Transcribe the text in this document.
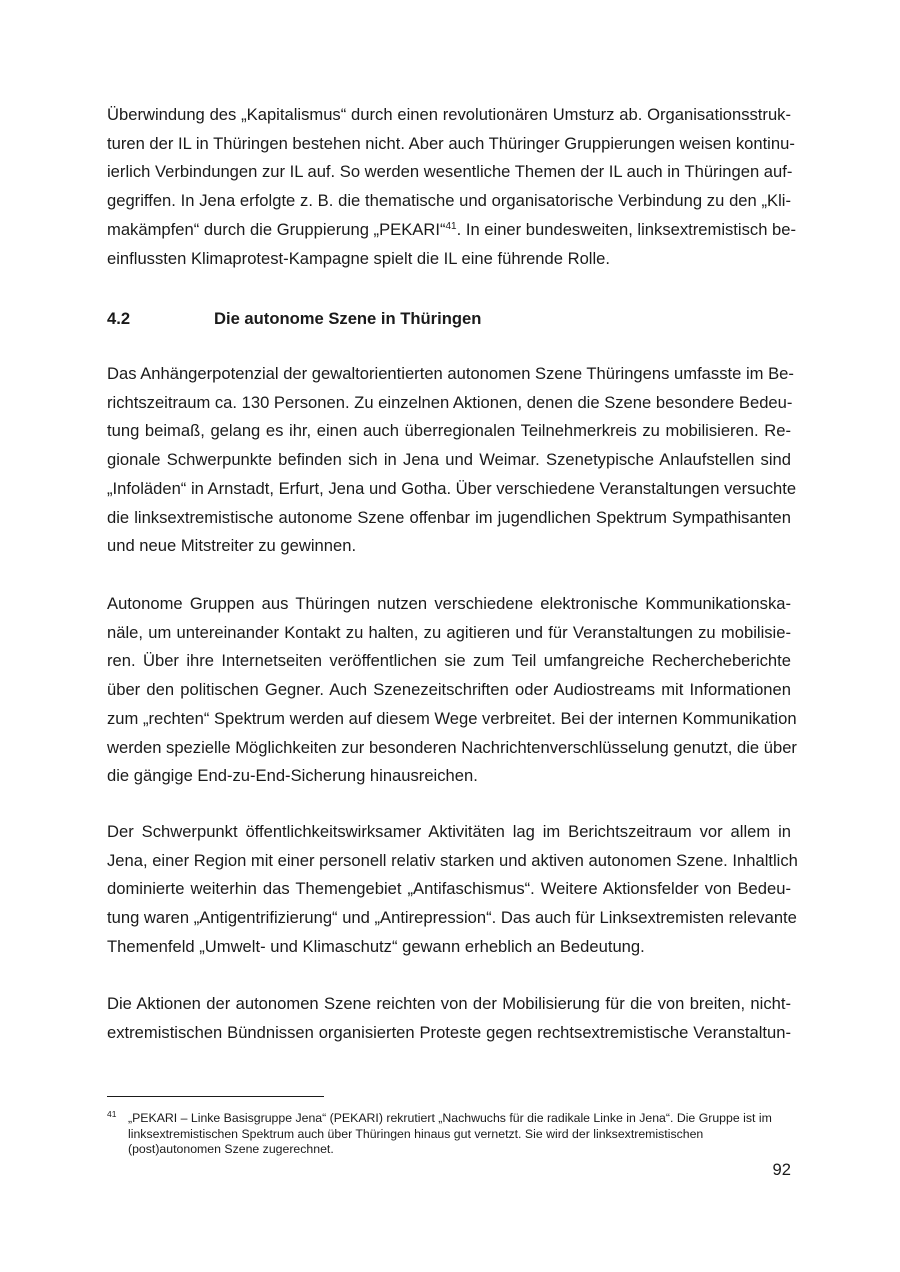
Überwindung des „Kapitalismus“ durch einen revolutionären Umsturz ab. Organisationsstruk-
turen der IL in Thüringen bestehen nicht. Aber auch Thüringer Gruppierungen weisen kontinu-
ierlich Verbindungen zur IL auf. So werden wesentliche Themen der IL auch in Thüringen auf-
gegriffen. In Jena erfolgte z. B. die thematische und organisatorische Verbindung zu den „Kli-
makämpfen“ durch die Gruppierung „PEKARI“$^{41}$. In einer bundesweiten, linksextremistisch be-
einflussten Klimaprotest-Kampagne spielt die IL eine führende Rolle.
4.2	Die autonome Szene in Thüringen
Das Anhängerpotenzial der gewaltorientierten autonomen Szene Thüringens umfasste im Be-
richtszeitraum ca. 130 Personen. Zu einzelnen Aktionen, denen die Szene besondere Bedeu-
tung beimaß, gelang es ihr, einen auch überregionalen Teilnehmerkreis zu mobilisieren. Re-
gionale Schwerpunkte befinden sich in Jena und Weimar. Szenetypische Anlaufstellen sind
„Infoläden“ in Arnstadt, Erfurt, Jena und Gotha. Über verschiedene Veranstaltungen versuchte
die linksextremistische autonome Szene offenbar im jugendlichen Spektrum Sympathisanten
und neue Mitstreiter zu gewinnen.
Autonome Gruppen aus Thüringen nutzen verschiedene elektronische Kommunikationska-
näle, um untereinander Kontakt zu halten, zu agitieren und für Veranstaltungen zu mobilisie-
ren. Über ihre Internetseiten veröffentlichen sie zum Teil umfangreiche Rechercheberichte
über den politischen Gegner. Auch Szenezeitschriften oder Audiostreams mit Informationen
zum „rechten“ Spektrum werden auf diesem Wege verbreitet. Bei der internen Kommunikation
werden spezielle Möglichkeiten zur besonderen Nachrichtenverschlüsselung genutzt, die über
die gängige End-zu-End-Sicherung hinausreichen.
Der Schwerpunkt öffentlichkeitswirksamer Aktivitäten lag im Berichtszeitraum vor allem in
Jena, einer Region mit einer personell relativ starken und aktiven autonomen Szene. Inhaltlich
dominierte weiterhin das Themengebiet „Antifaschismus“. Weitere Aktionsfelder von Bedeu-
tung waren „Antigentrifizierung“ und „Antirepression“. Das auch für Linksextremisten relevante
Themenfeld „Umwelt- und Klimaschutz“ gewann erheblich an Bedeutung.
Die Aktionen der autonomen Szene reichten von der Mobilisierung für die von breiten, nicht-
extremistischen Bündnissen organisierten Proteste gegen rechtsextremistische Veranstaltun-
41 „PEKARI – Linke Basisgruppe Jena“ (PEKARI) rekrutiert „Nachwuchs für die radikale Linke in Jena“. Die Gruppe ist im linksextremistischen Spektrum auch über Thüringen hinaus gut vernetzt. Sie wird der linksextremistischen (post)autonomen Szene zugerechnet.
92
